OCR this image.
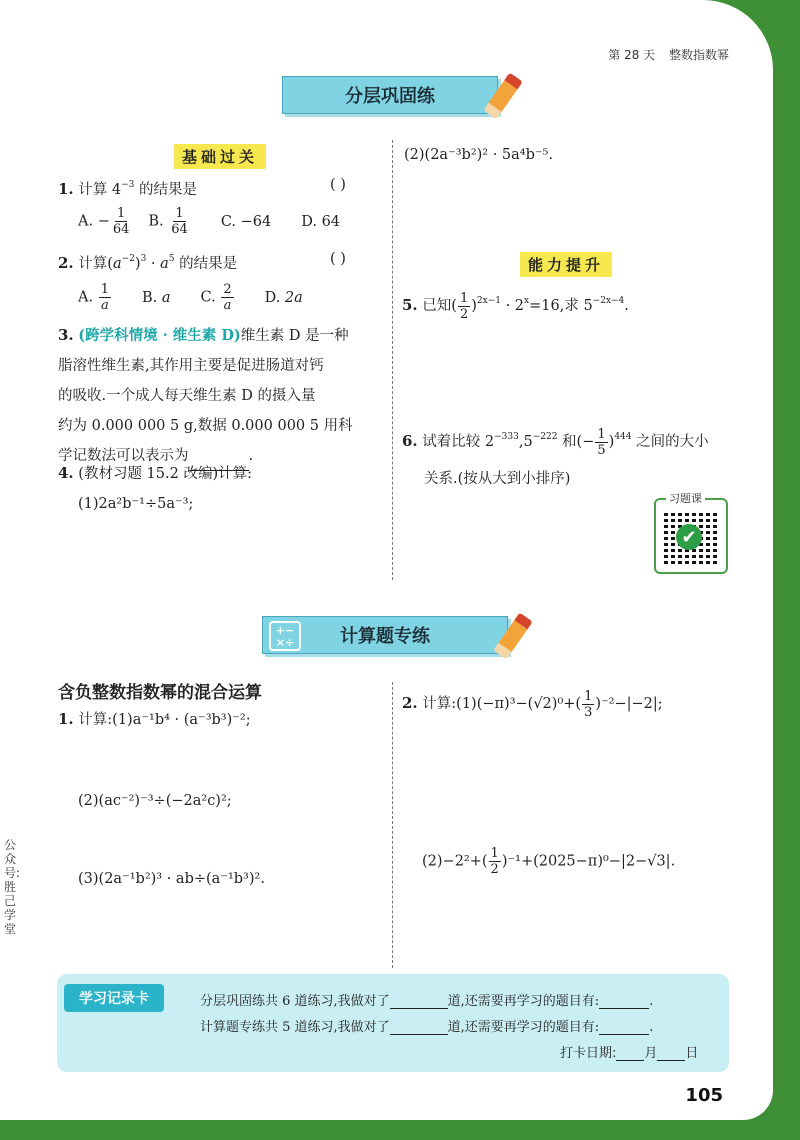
第 28 天 整数指数幂
分层巩固练
基础过关
1. 计算 $4^{-3}$ 的结果是	( )
A. − $\frac{1}{64} B$. $\frac{1}{64} C$. −64 D. 64
2. 计算$(a^{-2})^3 \cdot a^5$ 的结果是	( )
A. $\frac{1}{a} B$. a C. $\frac{2}{a} D$. 2a
3. (跨学科情境 · 维生素 D)维生素 D 是一种
脂溶性维生素,其作用主要是促进肠道对钙
的吸收.一个成人每天维生素 D 的摄入量
约为 0.000 000 5 g,数据 0.000 000 5 用科
学记数法可以表示为	.
4. (教材习题 15.2 改编)计算:
(1)2a²b⁻¹÷5a⁻³;
(2)(2a⁻³b²)² · 5a⁴b⁻⁵.
能力提升
5. 已知( $\frac{1}{2} )^{2x-1} \cdot 2^x=16$,求 $5^{-2x-4}$.
6. 试着比较 $2^{-333},5^{-222}$ 和(− $\frac{1}{5} )^{444}$ 之间的大小
关系.(按从大到小排序)
✔
习题课
+−
×÷	计算题专练
含负整数指数幂的混合运算
1. 计算:(1)a⁻¹b⁴ · (a⁻³b³)⁻²;
(2)(ac⁻²)⁻³÷(−2a²c)²;
(3)(2a⁻¹b²)³ · ab÷(a⁻¹b³)².
2. 计算:(1)(−π)³−(√2)⁰+( $\frac{1}{3} )^{-2}-|-2|$;
$(2)-2^2+( \frac{1}{2} )^{-1}+(2025-\pi)^0-|2-√3|$.
学习记录卡	分层巩固练共 6 道练习,我做对了	道,还需要再学习的题目有:	.
计算题专练共 5 道练习,我做对了	道,还需要再学习的题目有:	.
打卡日期: 月 日
公众号:胜己学堂
105
